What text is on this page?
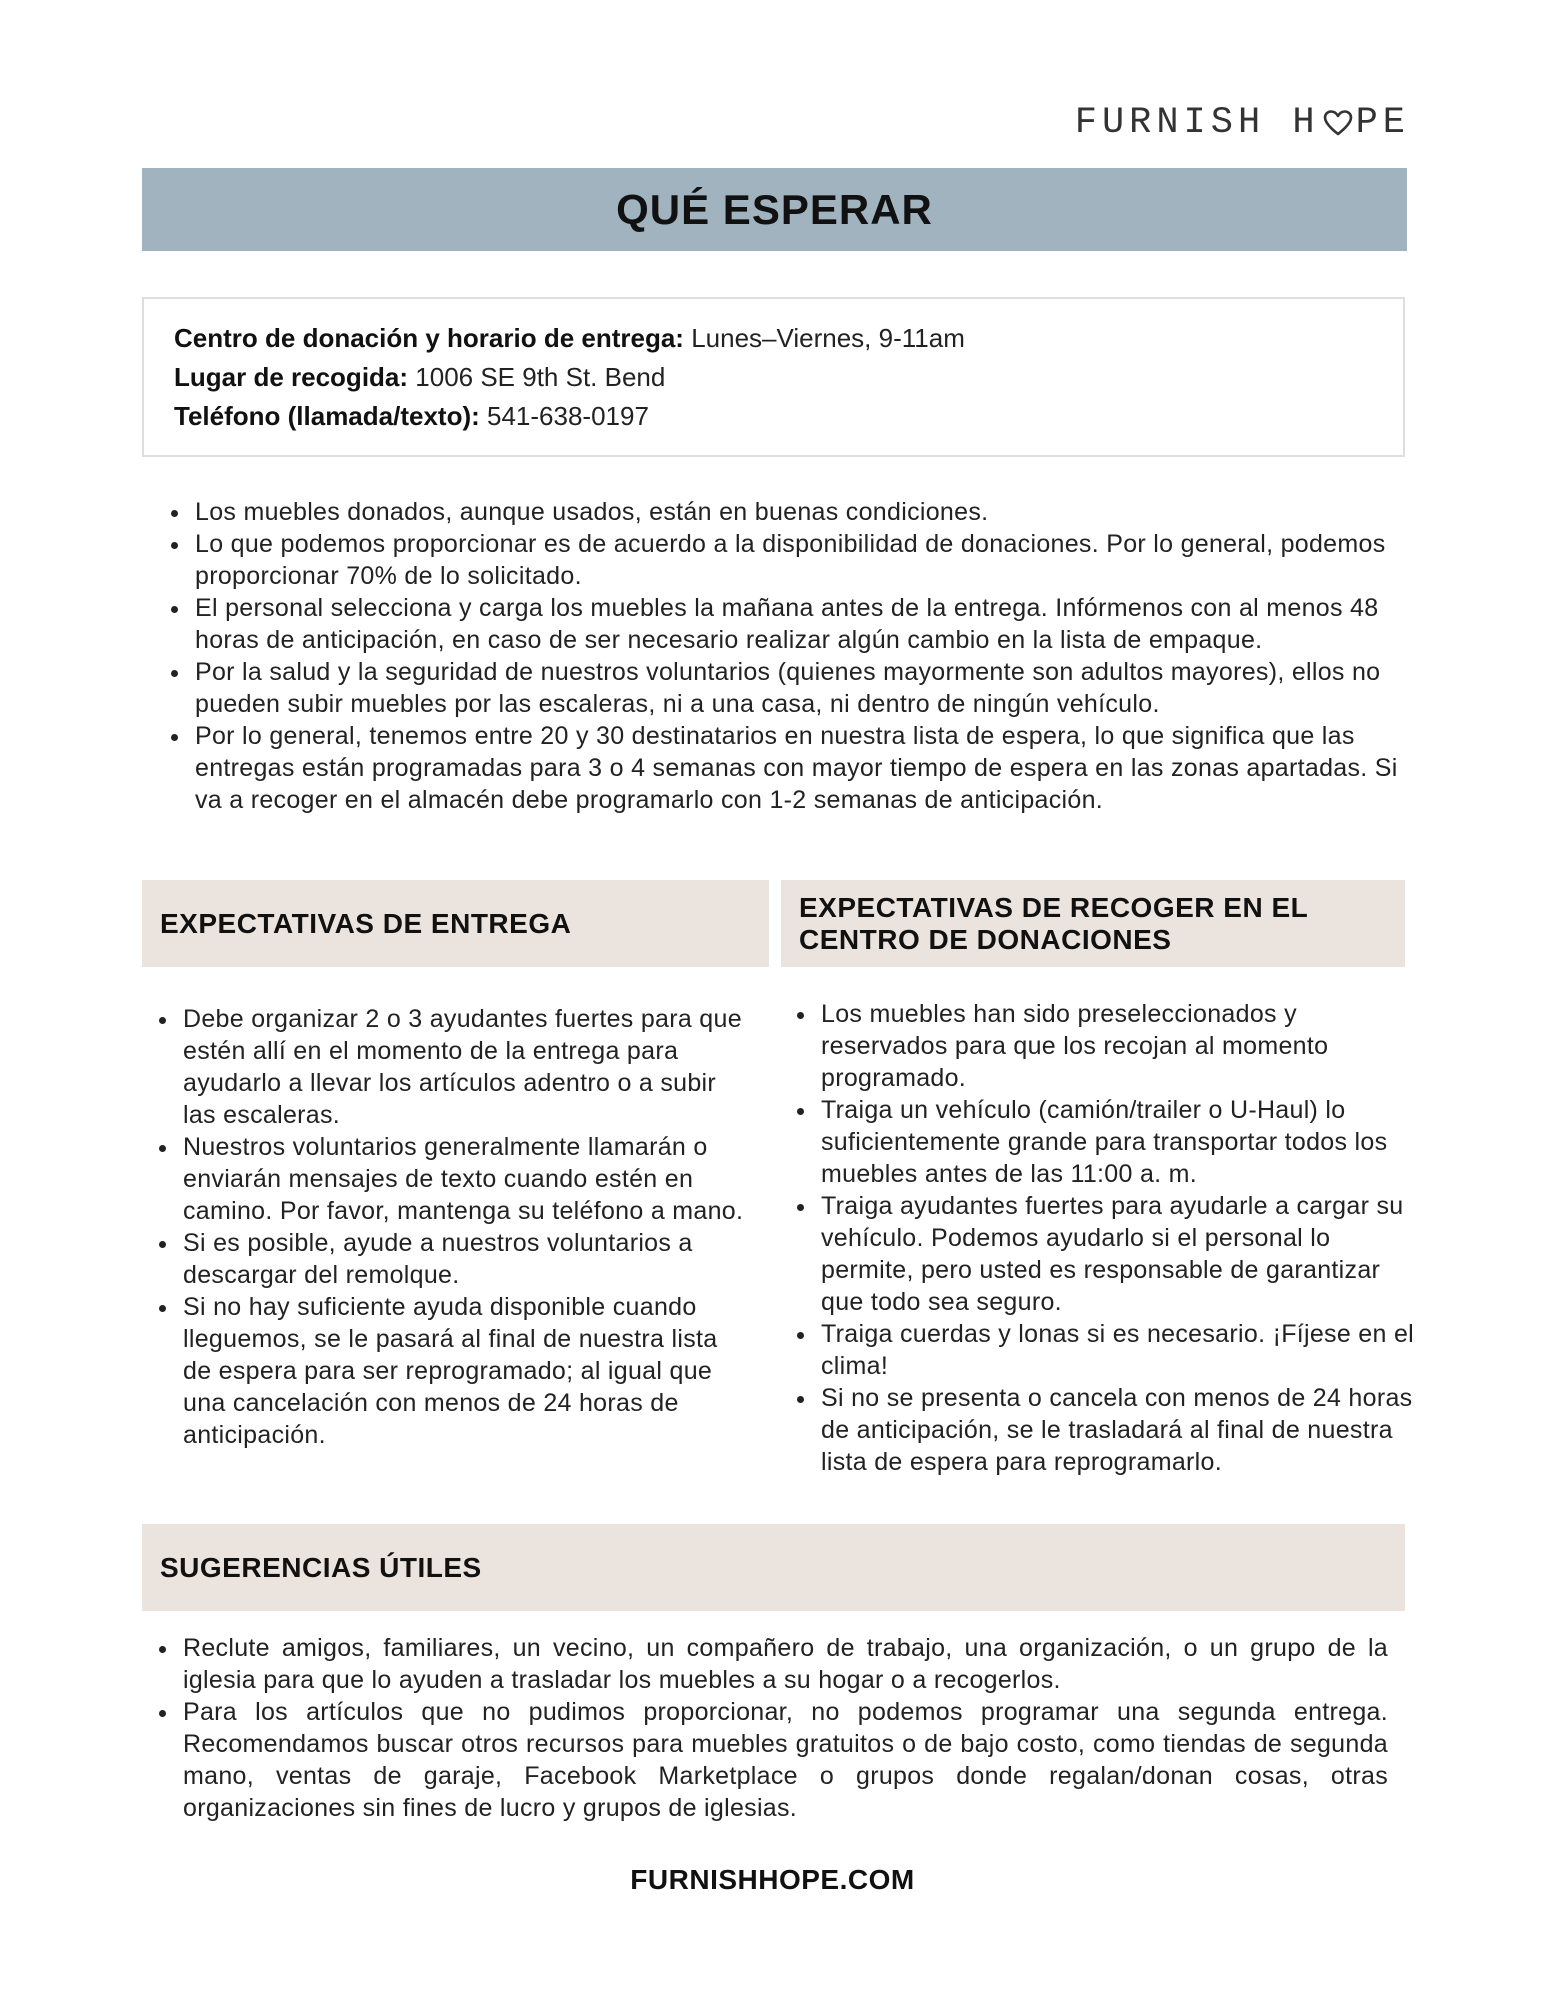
FURNISH H PE
QUÉ ESPERAR

Centro de donación y horario de entrega: Lunes–Viernes, 9-11am

Lugar de recogida: 1006 SE 9th St. Bend

Teléfono (llamada/texto): 541-638-0197

Los muebles donados, aunque usados, están en buenas condiciones.
Lo que podemos proporcionar es de acuerdo a la disponibilidad de donaciones. Por lo general, podemos proporcionar 70% de lo solicitado.
El personal selecciona y carga los muebles la mañana antes de la entrega. Infórmenos con al menos 48 horas de anticipación, en caso de ser necesario realizar algún cambio en la lista de empaque.
Por la salud y la seguridad de nuestros voluntarios (quienes mayormente son adultos mayores), ellos no pueden subir muebles por las escaleras, ni a una casa, ni dentro de ningún vehículo.
Por lo general, tenemos entre 20 y 30 destinatarios en nuestra lista de espera, lo que significa que las entregas están programadas para 3 o 4 semanas con mayor tiempo de espera en las zonas apartadas. Si va a recoger en el almacén debe programarlo con 1-2 semanas de anticipación.
EXPECTATIVAS DE ENTREGA
EXPECTATIVAS DE RECOGER EN EL CENTRO DE DONACIONES
Debe organizar 2 o 3 ayudantes fuertes para que estén allí en el momento de la entrega para ayudarlo a llevar los artículos adentro o a subir las escaleras.
Nuestros voluntarios generalmente llamarán o enviarán mensajes de texto cuando estén en camino. Por favor, mantenga su teléfono a mano.
Si es posible, ayude a nuestros voluntarios a descargar del remolque.
Si no hay suficiente ayuda disponible cuando lleguemos, se le pasará al final de nuestra lista de espera para ser reprogramado; al igual que una cancelación con menos de 24 horas de anticipación.
Los muebles han sido preseleccionados y reservados para que los recojan al momento programado.
Traiga un vehículo (camión/trailer o U-Haul) lo suficientemente grande para transportar todos los muebles antes de las 11:00 a. m.
Traiga ayudantes fuertes para ayudarle a cargar su vehículo. Podemos ayudarlo si el personal lo permite, pero usted es responsable de garantizar que todo sea seguro.
Traiga cuerdas y lonas si es necesario. ¡Fíjese en el clima!
Si no se presenta o cancela con menos de 24 horas de anticipación, se le trasladará al final de nuestra lista de espera para reprogramarlo.
SUGERENCIAS ÚTILES
Reclute amigos, familiares, un vecino, un compañero de trabajo, una organización, o un grupo de la iglesia para que lo ayuden a trasladar los muebles a su hogar o a recogerlos.
Para los artículos que no pudimos proporcionar, no podemos programar una segunda entrega. Recomendamos buscar otros recursos para muebles gratuitos o de bajo costo, como tiendas de segunda mano, ventas de garaje, Facebook Marketplace o grupos donde regalan/donan cosas, otras organizaciones sin fines de lucro y grupos de iglesias.
FURNISHHOPE.COM
